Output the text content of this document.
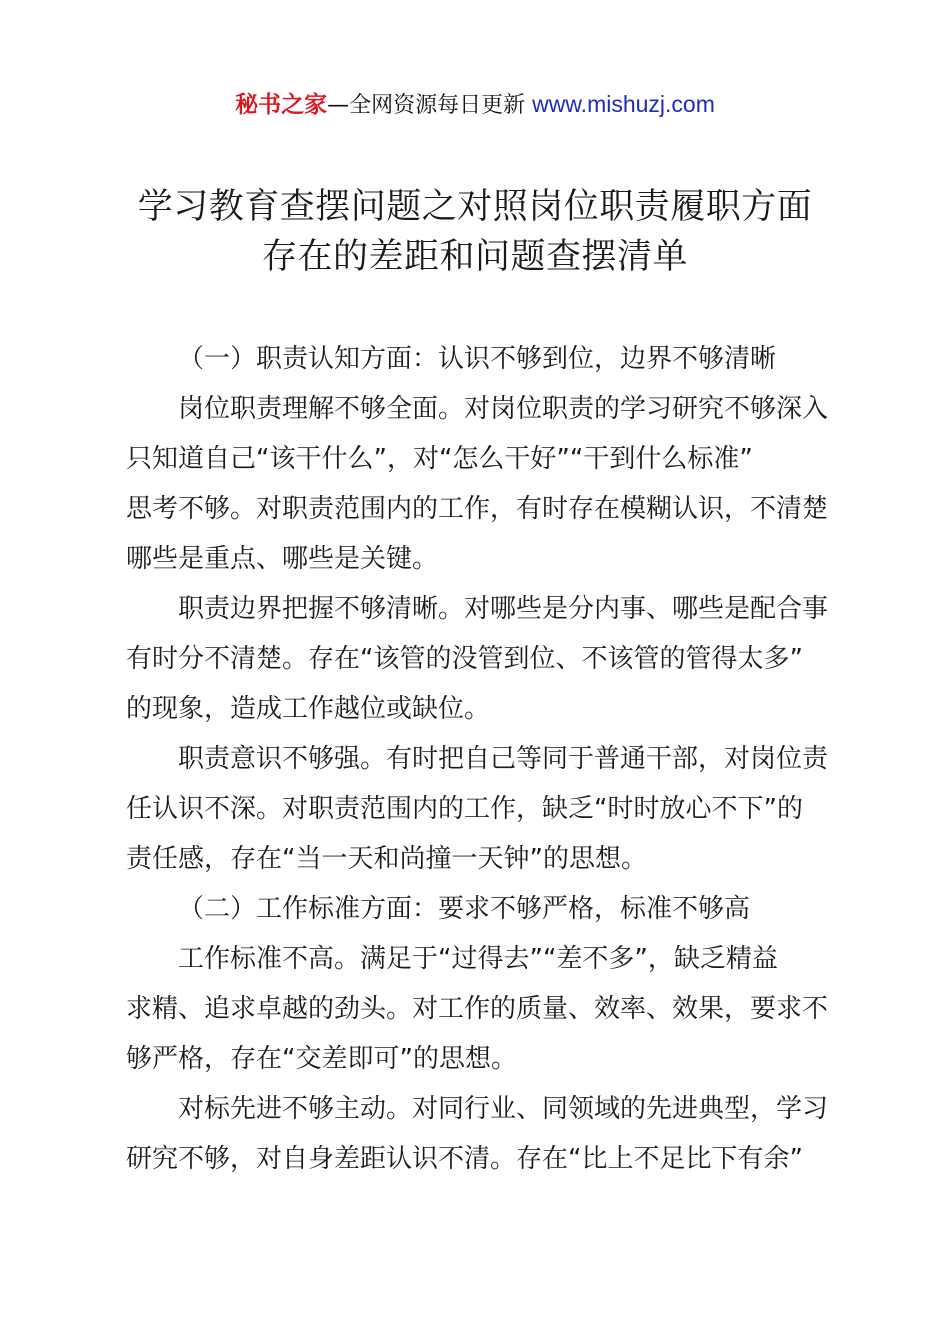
秘书之家—全网资源每日更新 www.mishuzj.com
学习教育查摆问题之对照岗位职责履职方面
存在的差距和问题查摆清单
（一）职责认知方面：认识不够到位，边界不够清晰
岗位职责理解不够全面。对岗位职责的学习研究不够深入
只知道自己“该干什么”，对“怎么干好”“干到什么标准”
思考不够。对职责范围内的工作，有时存在模糊认识，不清楚
哪些是重点、哪些是关键。
职责边界把握不够清晰。对哪些是分内事、哪些是配合事
有时分不清楚。存在“该管的没管到位、不该管的管得太多”
的现象，造成工作越位或缺位。
职责意识不够强。有时把自己等同于普通干部，对岗位责
任认识不深。对职责范围内的工作，缺乏“时时放心不下”的
责任感，存在“当一天和尚撞一天钟”的思想。
（二）工作标准方面：要求不够严格，标准不够高
工作标准不高。满足于“过得去”“差不多”，缺乏精益
求精、追求卓越的劲头。对工作的质量、效率、效果，要求不
够严格，存在“交差即可”的思想。
对标先进不够主动。对同行业、同领域的先进典型，学习
研究不够，对自身差距认识不清。存在“比上不足比下有余”
